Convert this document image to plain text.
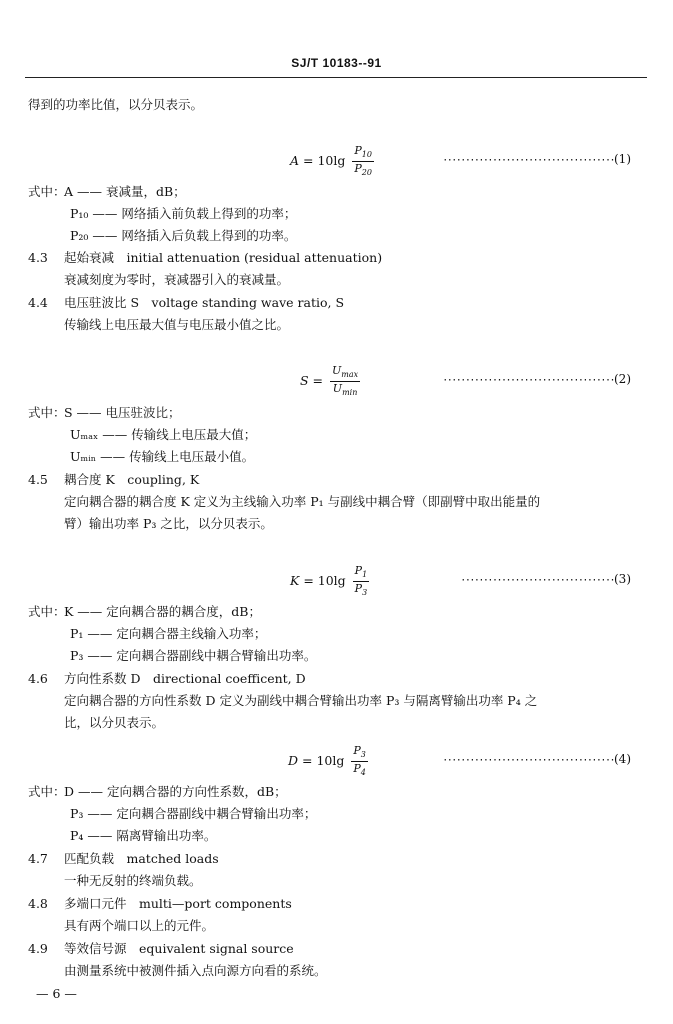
SJ/T 10183--91
得到的功率比值，以分贝表示。
$A = 10\lg \frac{P_{10}}{P_{20}}$	······································(1)
式中：
A —— 衰减量，dB；
P₁₀ —— 网络插入前负载上得到的功率；
P₂₀ —— 网络插入后负载上得到的功率。
4.3 起始衰减　initial attenuation (residual attenuation)
衰减刻度为零时，衰减器引入的衰减量。
4.4 电压驻波比 S　voltage standing wave ratio, S
传输线上电压最大值与电压最小值之比。
$S = \frac{U_{max}}{U_{min}}$	······································(2)
式中：
S —— 电压驻波比；
Uₘₐₓ —— 传输线上电压最大值；
Uₘᵢₙ —— 传输线上电压最小值。
4.5 耦合度 K　coupling, K
定向耦合器的耦合度 K 定义为主线输入功率 P₁ 与副线中耦合臂（即副臂中取出能量的
臂）输出功率 P₃ 之比，以分贝表示。
$K = 10\lg \frac{P_1}{P_3}$	··································(3)
式中：
K —— 定向耦合器的耦合度，dB；
P₁ —— 定向耦合器主线输入功率；
P₃ —— 定向耦合器副线中耦合臂输出功率。
4.6 方向性系数 D　directional coefficent, D
定向耦合器的方向性系数 D 定义为副线中耦合臂输出功率 P₃ 与隔离臂输出功率 P₄ 之
比，以分贝表示。
$D = 10\lg \frac{P_3}{P_4}$	······································(4)
式中：
D —— 定向耦合器的方向性系数，dB；
P₃ —— 定向耦合器副线中耦合臂输出功率；
P₄ —— 隔离臂输出功率。
4.7 匹配负载　matched loads
一种无反射的终端负载。
4.8 多端口元件　multi—port components
具有两个端口以上的元件。
4.9 等效信号源　equivalent signal source
由测量系统中被测件插入点向源方向看的系统。
— 6 —
